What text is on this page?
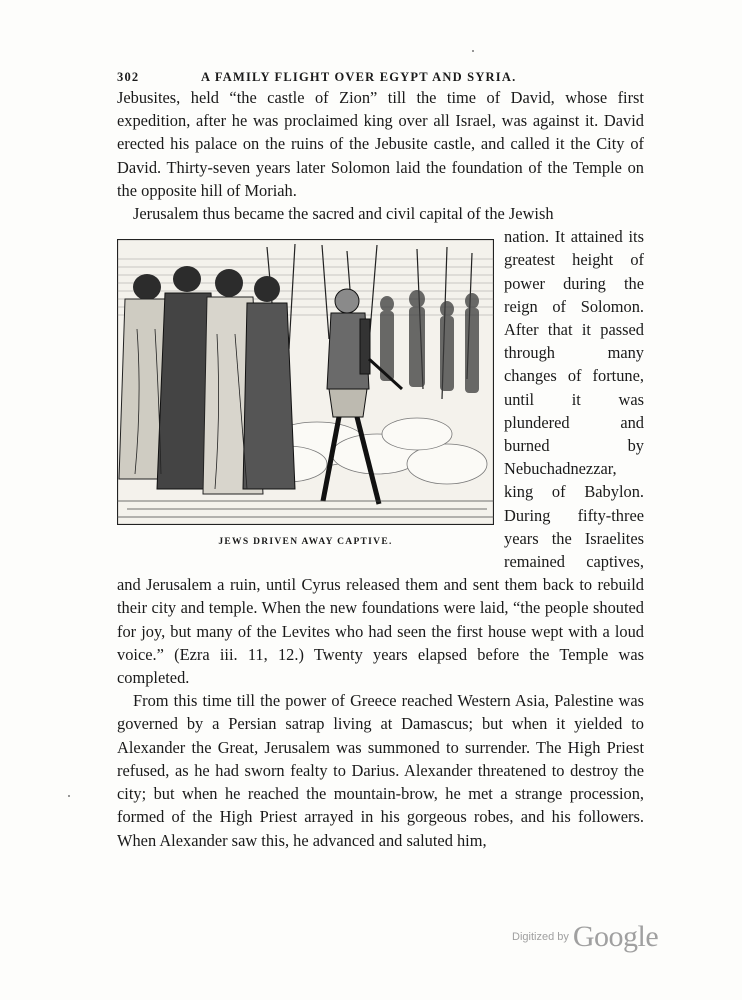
302	A FAMILY FLIGHT OVER EGYPT AND SYRIA.

Jebusites, held “the castle of Zion” till the time of David, whose first expedition, after he was proclaimed king over all Israel, was against it. David erected his palace on the ruins of the Jebusite castle, and called it the City of David. Thirty-seven years later Solomon laid the foundation of the Temple on the opposite hill of Moriah.

Jerusalem thus became the sacred and civil capital of the Jewish

JEWS DRIVEN AWAY CAPTIVE.

nation. It attained its greatest height of power during the reign of Solomon. After that it passed through many changes of fortune, until it was plundered and burned by Nebuchadnezzar, king of Babylon. During fifty-three years the Israelites remained captives, and Jerusalem a ruin, until Cyrus released them and sent them back to rebuild their city and temple. When the new foundations were laid, “the people shouted for joy, but many of the Levites who had seen the first house wept with a loud voice.” (Ezra iii. 11, 12.) Twenty years elapsed before the Temple was completed.

From this time till the power of Greece reached Western Asia, Palestine was governed by a Persian satrap living at Damascus; but when it yielded to Alexander the Great, Jerusalem was summoned to surrender. The High Priest refused, as he had sworn fealty to Darius. Alexander threatened to destroy the city; but when he reached the mountain-brow, he met a strange procession, formed of the High Priest arrayed in his gorgeous robes, and his followers. When Alexander saw this, he advanced and saluted him,

Digitized by Google
